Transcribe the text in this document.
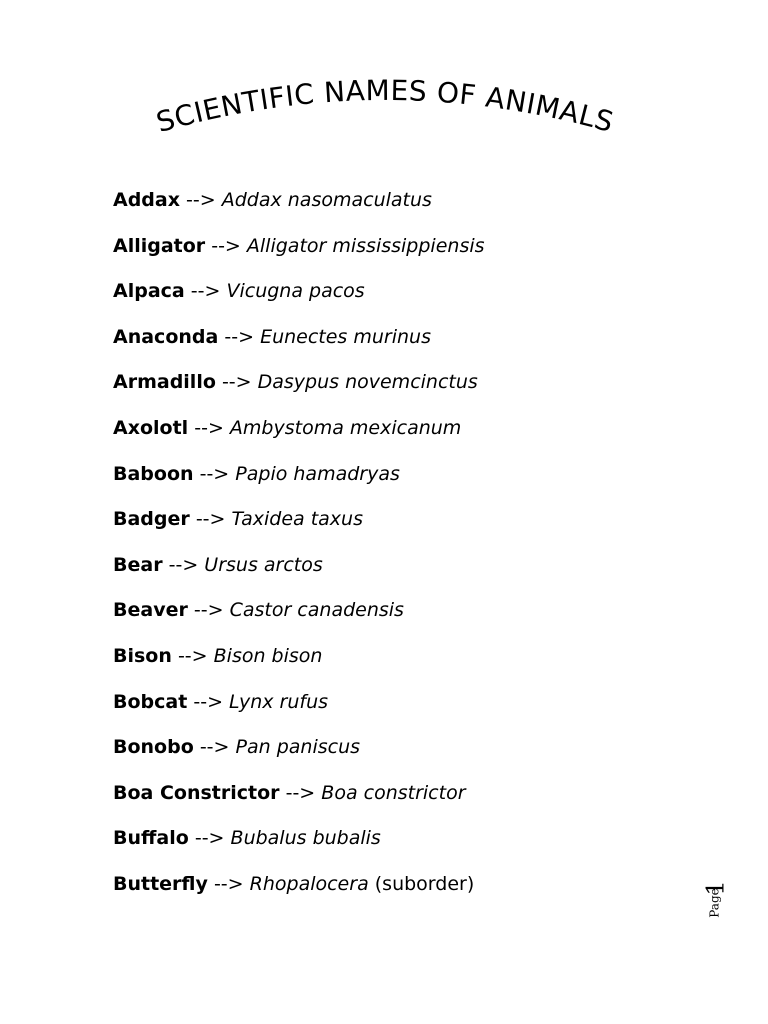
SCIENTIFIC NAMES OF ANIMALS
Addax --> Addax nasomaculatus
Alligator --> Alligator mississippiensis
Alpaca --> Vicugna pacos
Anaconda --> Eunectes murinus
Armadillo --> Dasypus novemcinctus
Axolotl --> Ambystoma mexicanum
Baboon --> Papio hamadryas
Badger --> Taxidea taxus
Bear --> Ursus arctos
Beaver --> Castor canadensis
Bison --> Bison bison
Bobcat --> Lynx rufus
Bonobo --> Pan paniscus
Boa Constrictor --> Boa constrictor
Buffalo --> Bubalus bubalis
Butterfly --> Rhopalocera (suborder)	1
Page
